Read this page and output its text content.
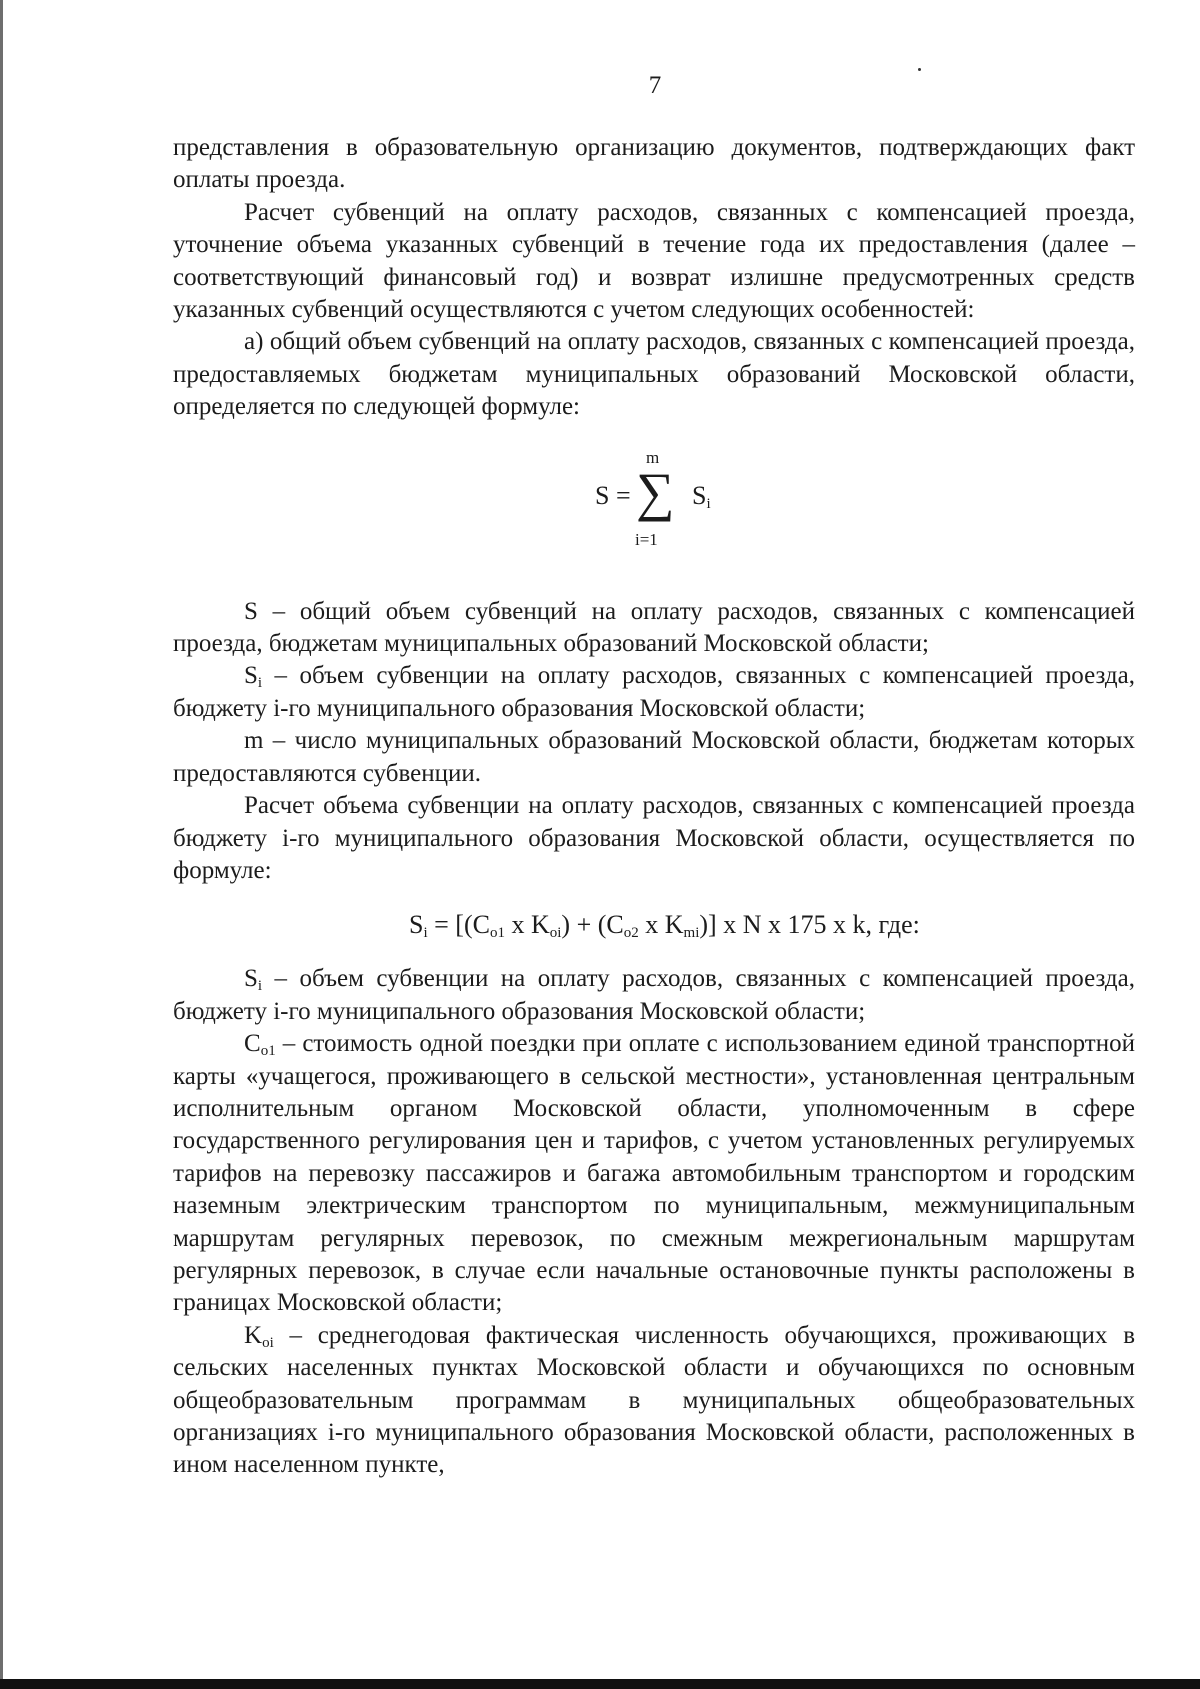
7

представления в образовательную организацию документов, подтверждающих факт оплаты проезда.

Расчет субвенций на оплату расходов, связанных с компенсацией проезда, уточнение объема указанных субвенций в течение года их предоставления (далее – соответствующий финансовый год) и возврат излишне предусмотренных средств указанных субвенций осуществляются с учетом следующих особенностей:

а) общий объем субвенций на оплату расходов, связанных с компенсацией проезда, предоставляемых бюджетам муниципальных образований Московской области, определяется по следующей формуле:

m
S = ∑ $S_i$
i=1

S – общий объем субвенций на оплату расходов, связанных с компенсацией проезда, бюджетам муниципальных образований Московской области;

$S_i$ – объем субвенции на оплату расходов, связанных с компенсацией проезда, бюджету i-го муниципального образования Московской области;

m – число муниципальных образований Московской области, бюджетам которых предоставляются субвенции.

Расчет объема субвенции на оплату расходов, связанных с компенсацией проезда бюджету i-го муниципального образования Московской области, осуществляется по формуле:

$S_i = [(C_{o1}$ x $K_{oi}) + (C_{o2}$ x $K_{mi}$)] x N x 175 x k, где:

$S_i$ – объем субвенции на оплату расходов, связанных с компенсацией проезда, бюджету i-го муниципального образования Московской области;

$C_{o1}$ – стоимость одной поездки при оплате с использованием единой транспортной карты «учащегося, проживающего в сельской местности», установленная центральным исполнительным органом Московской области, уполномоченным в сфере государственного регулирования цен и тарифов, с учетом установленных регулируемых тарифов на перевозку пассажиров и багажа автомобильным транспортом и городским наземным электрическим транспортом по муниципальным, межмуниципальным маршрутам регулярных перевозок, по смежным межрегиональным маршрутам регулярных перевозок, в случае если начальные остановочные пункты расположены в границах Московской области;

$K_{oi}$ – среднегодовая фактическая численность обучающихся, проживающих в сельских населенных пунктах Московской области и обучающихся по основным общеобразовательным программам в муниципальных общеобразовательных организациях i-го муниципального образования Московской области, расположенных в ином населенном пункте,
